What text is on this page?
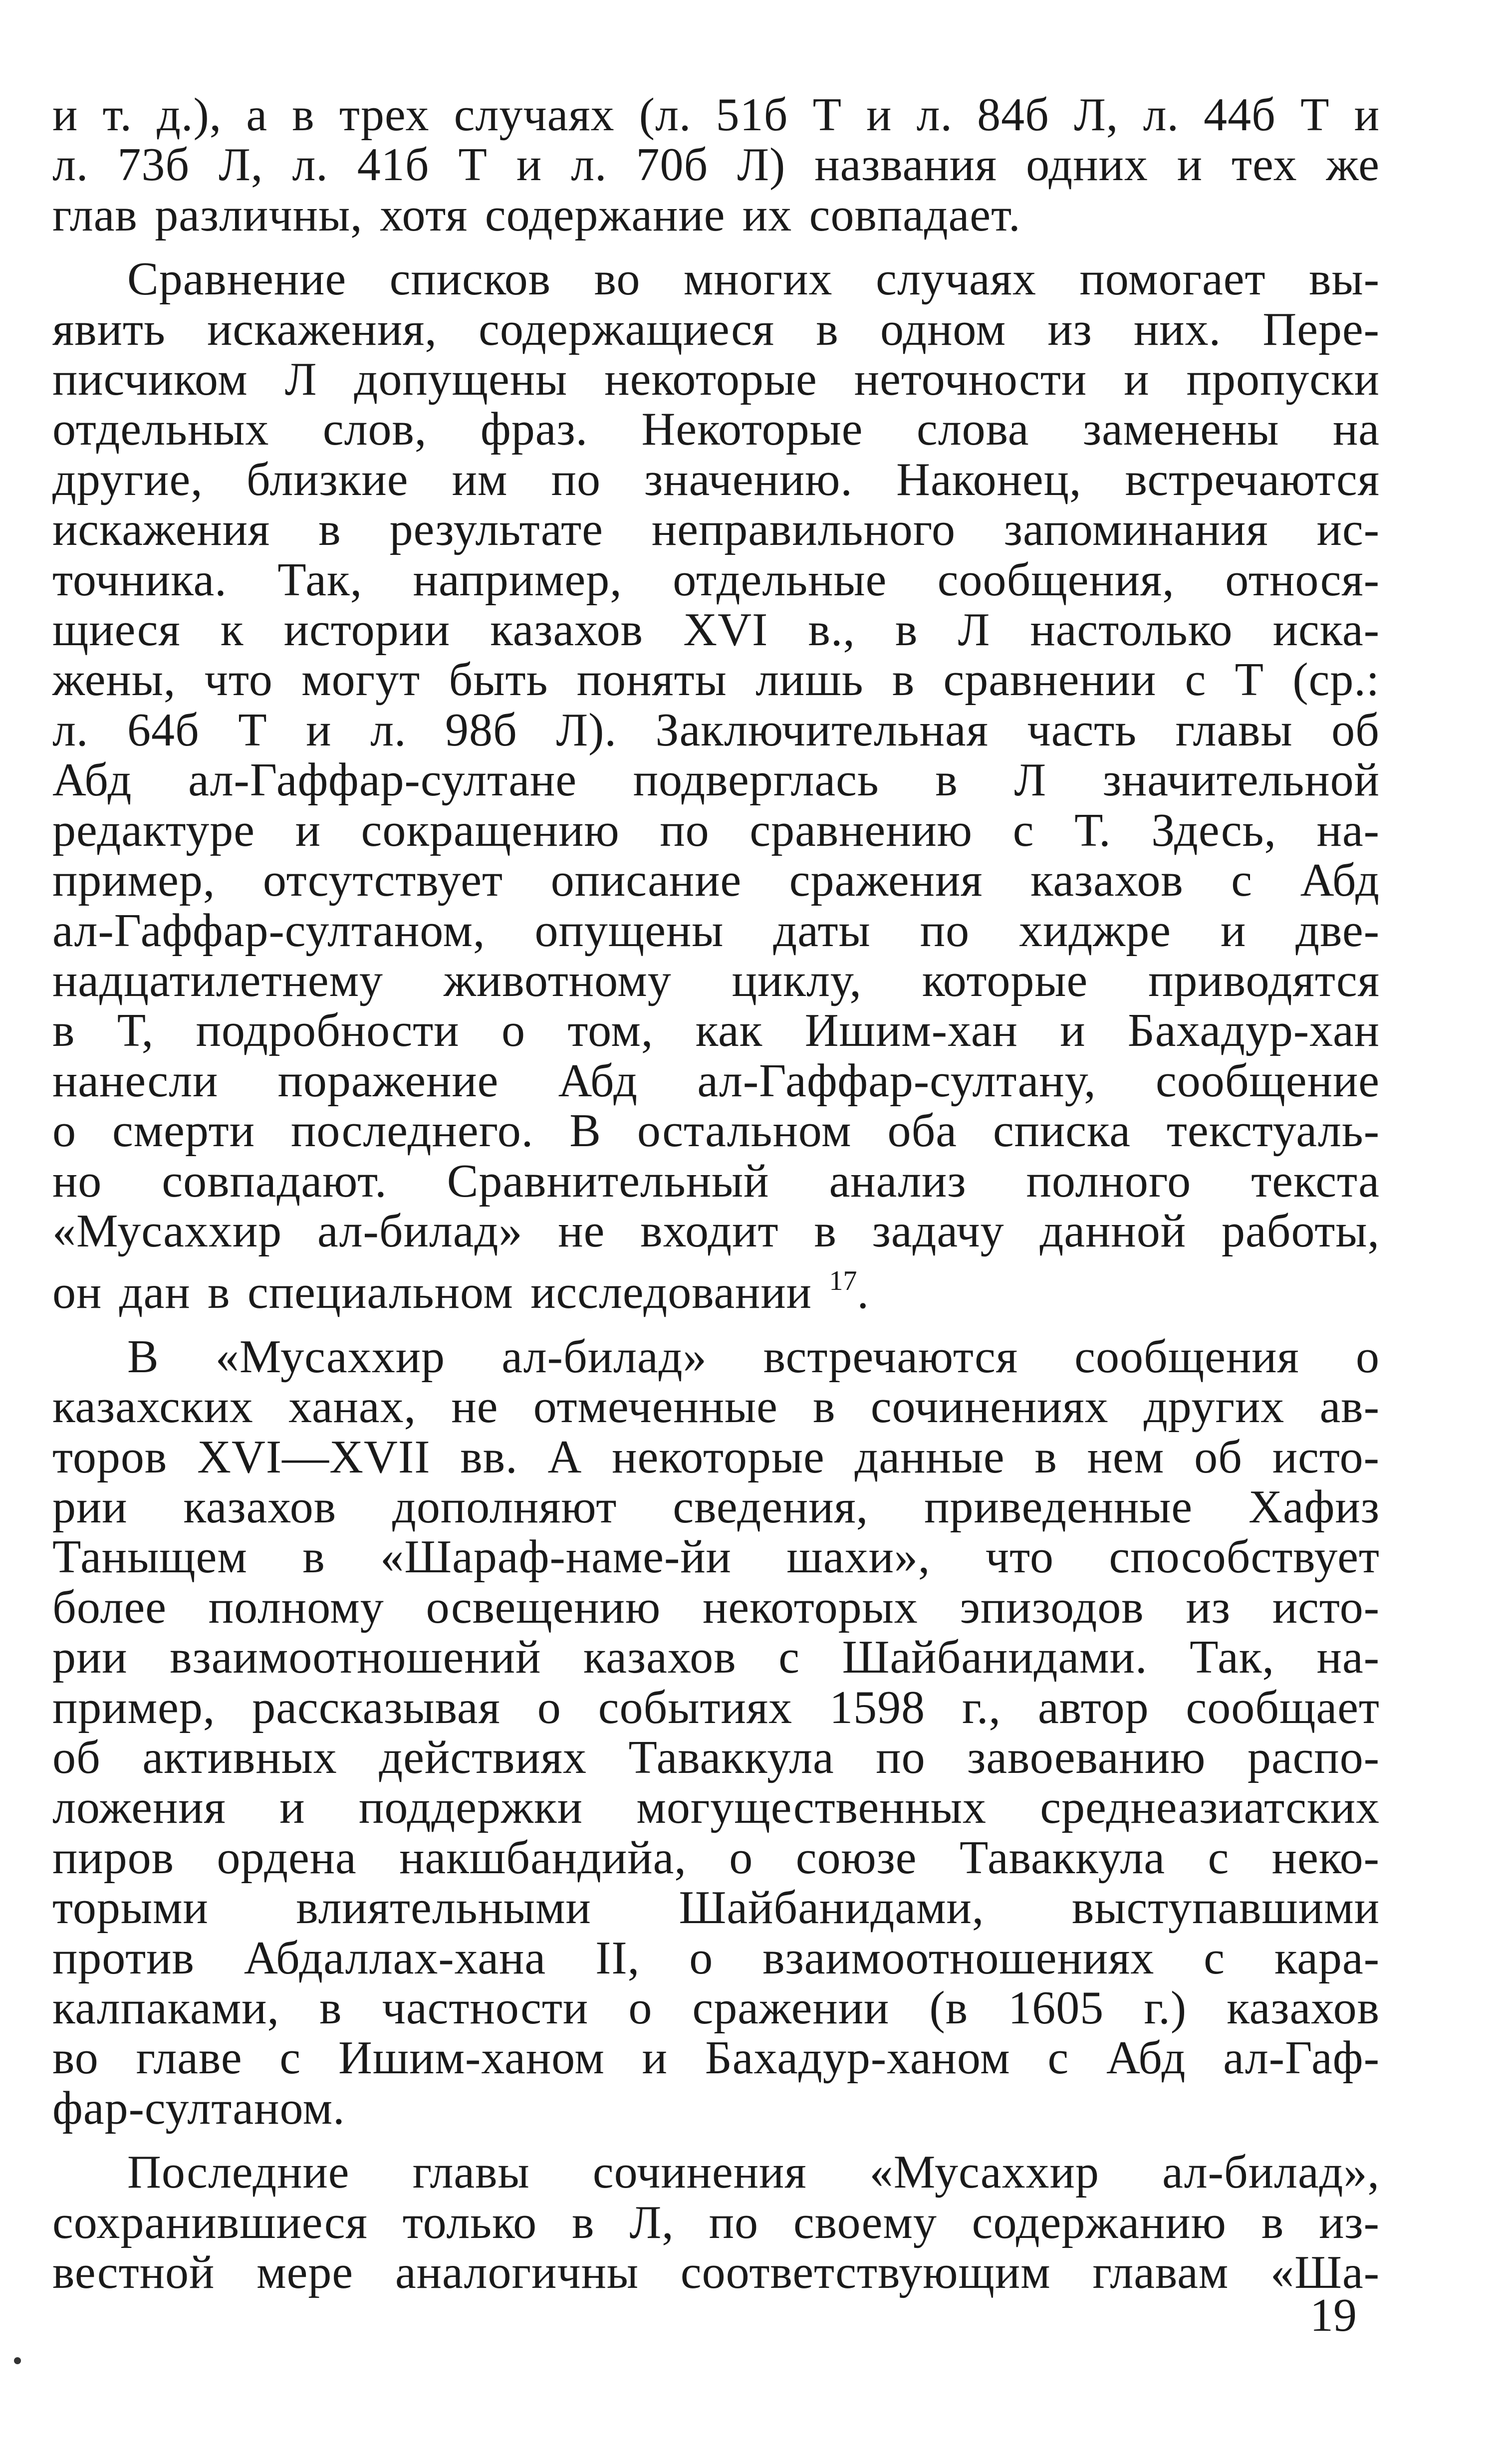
и т. д.), а в трех случаях (л. 51б Т и л. 84б Л, л. 44б Т и
л. 73б Л, л. 41б Т и л. 70б Л) названия одних и тех же
глав различны, хотя содержание их совпадает.
Сравнение списков во многих случаях помогает вы-
явить искажения, содержащиеся в одном из них. Пере-
писчиком Л допущены некоторые неточности и пропуски
отдельных слов, фраз. Некоторые слова заменены на
другие, близкие им по значению. Наконец, встречаются
искажения в результате неправильного запоминания ис-
точника. Так, например, отдельные сообщения, относя-
щиеся к истории казахов XVI в., в Л настолько иска-
жены, что могут быть поняты лишь в сравнении с Т (ср.:
л. 64б Т и л. 98б Л). Заключительная часть главы об
Абд ал-Гаффар-султане подверглась в Л значительной
редактуре и сокращению по сравнению с Т. Здесь, на-
пример, отсутствует описание сражения казахов с Абд
ал-Гаффар-султаном, опущены даты по хиджре и две-
надцатилетнему животному циклу, которые приводятся
в Т, подробности о том, как Ишим-хан и Бахадур-хан
нанесли поражение Абд ал-Гаффар-султану, сообщение
о смерти последнего. В остальном оба списка текстуаль-
но совпадают. Сравнительный анализ полного текста
«Мусаххир ал-билад» не входит в задачу данной работы,
он дан в специальном исследовании $^{17}$.
В «Мусаххир ал-билад» встречаются сообщения о
казахских ханах, не отмеченные в сочинениях других ав-
торов XVI—XVII вв. А некоторые данные в нем об исто-
рии казахов дополняют сведения, приведенные Хафиз
Таныщем в «Шараф-наме-йи шахи», что способствует
более полному освещению некоторых эпизодов из исто-
рии взаимоотношений казахов с Шайбанидами. Так, на-
пример, рассказывая о событиях 1598 г., автор сообщает
об активных действиях Таваккула по завоеванию распо-
ложения и поддержки могущественных среднеазиатских
пиров ордена накшбандийа, о союзе Таваккула с неко-
торыми влиятельными Шайбанидами, выступавшими
против Абдаллах-хана II, о взаимоотношениях с кара-
калпаками, в частности о сражении (в 1605 г.) казахов
во главе с Ишим-ханом и Бахадур-ханом с Абд ал-Гаф-
фар-султаном.
Последние главы сочинения «Мусаххир ал-билад»,
сохранившиеся только в Л, по своему содержанию в из-
вестной мере аналогичны соответствующим главам «Ша-
19
